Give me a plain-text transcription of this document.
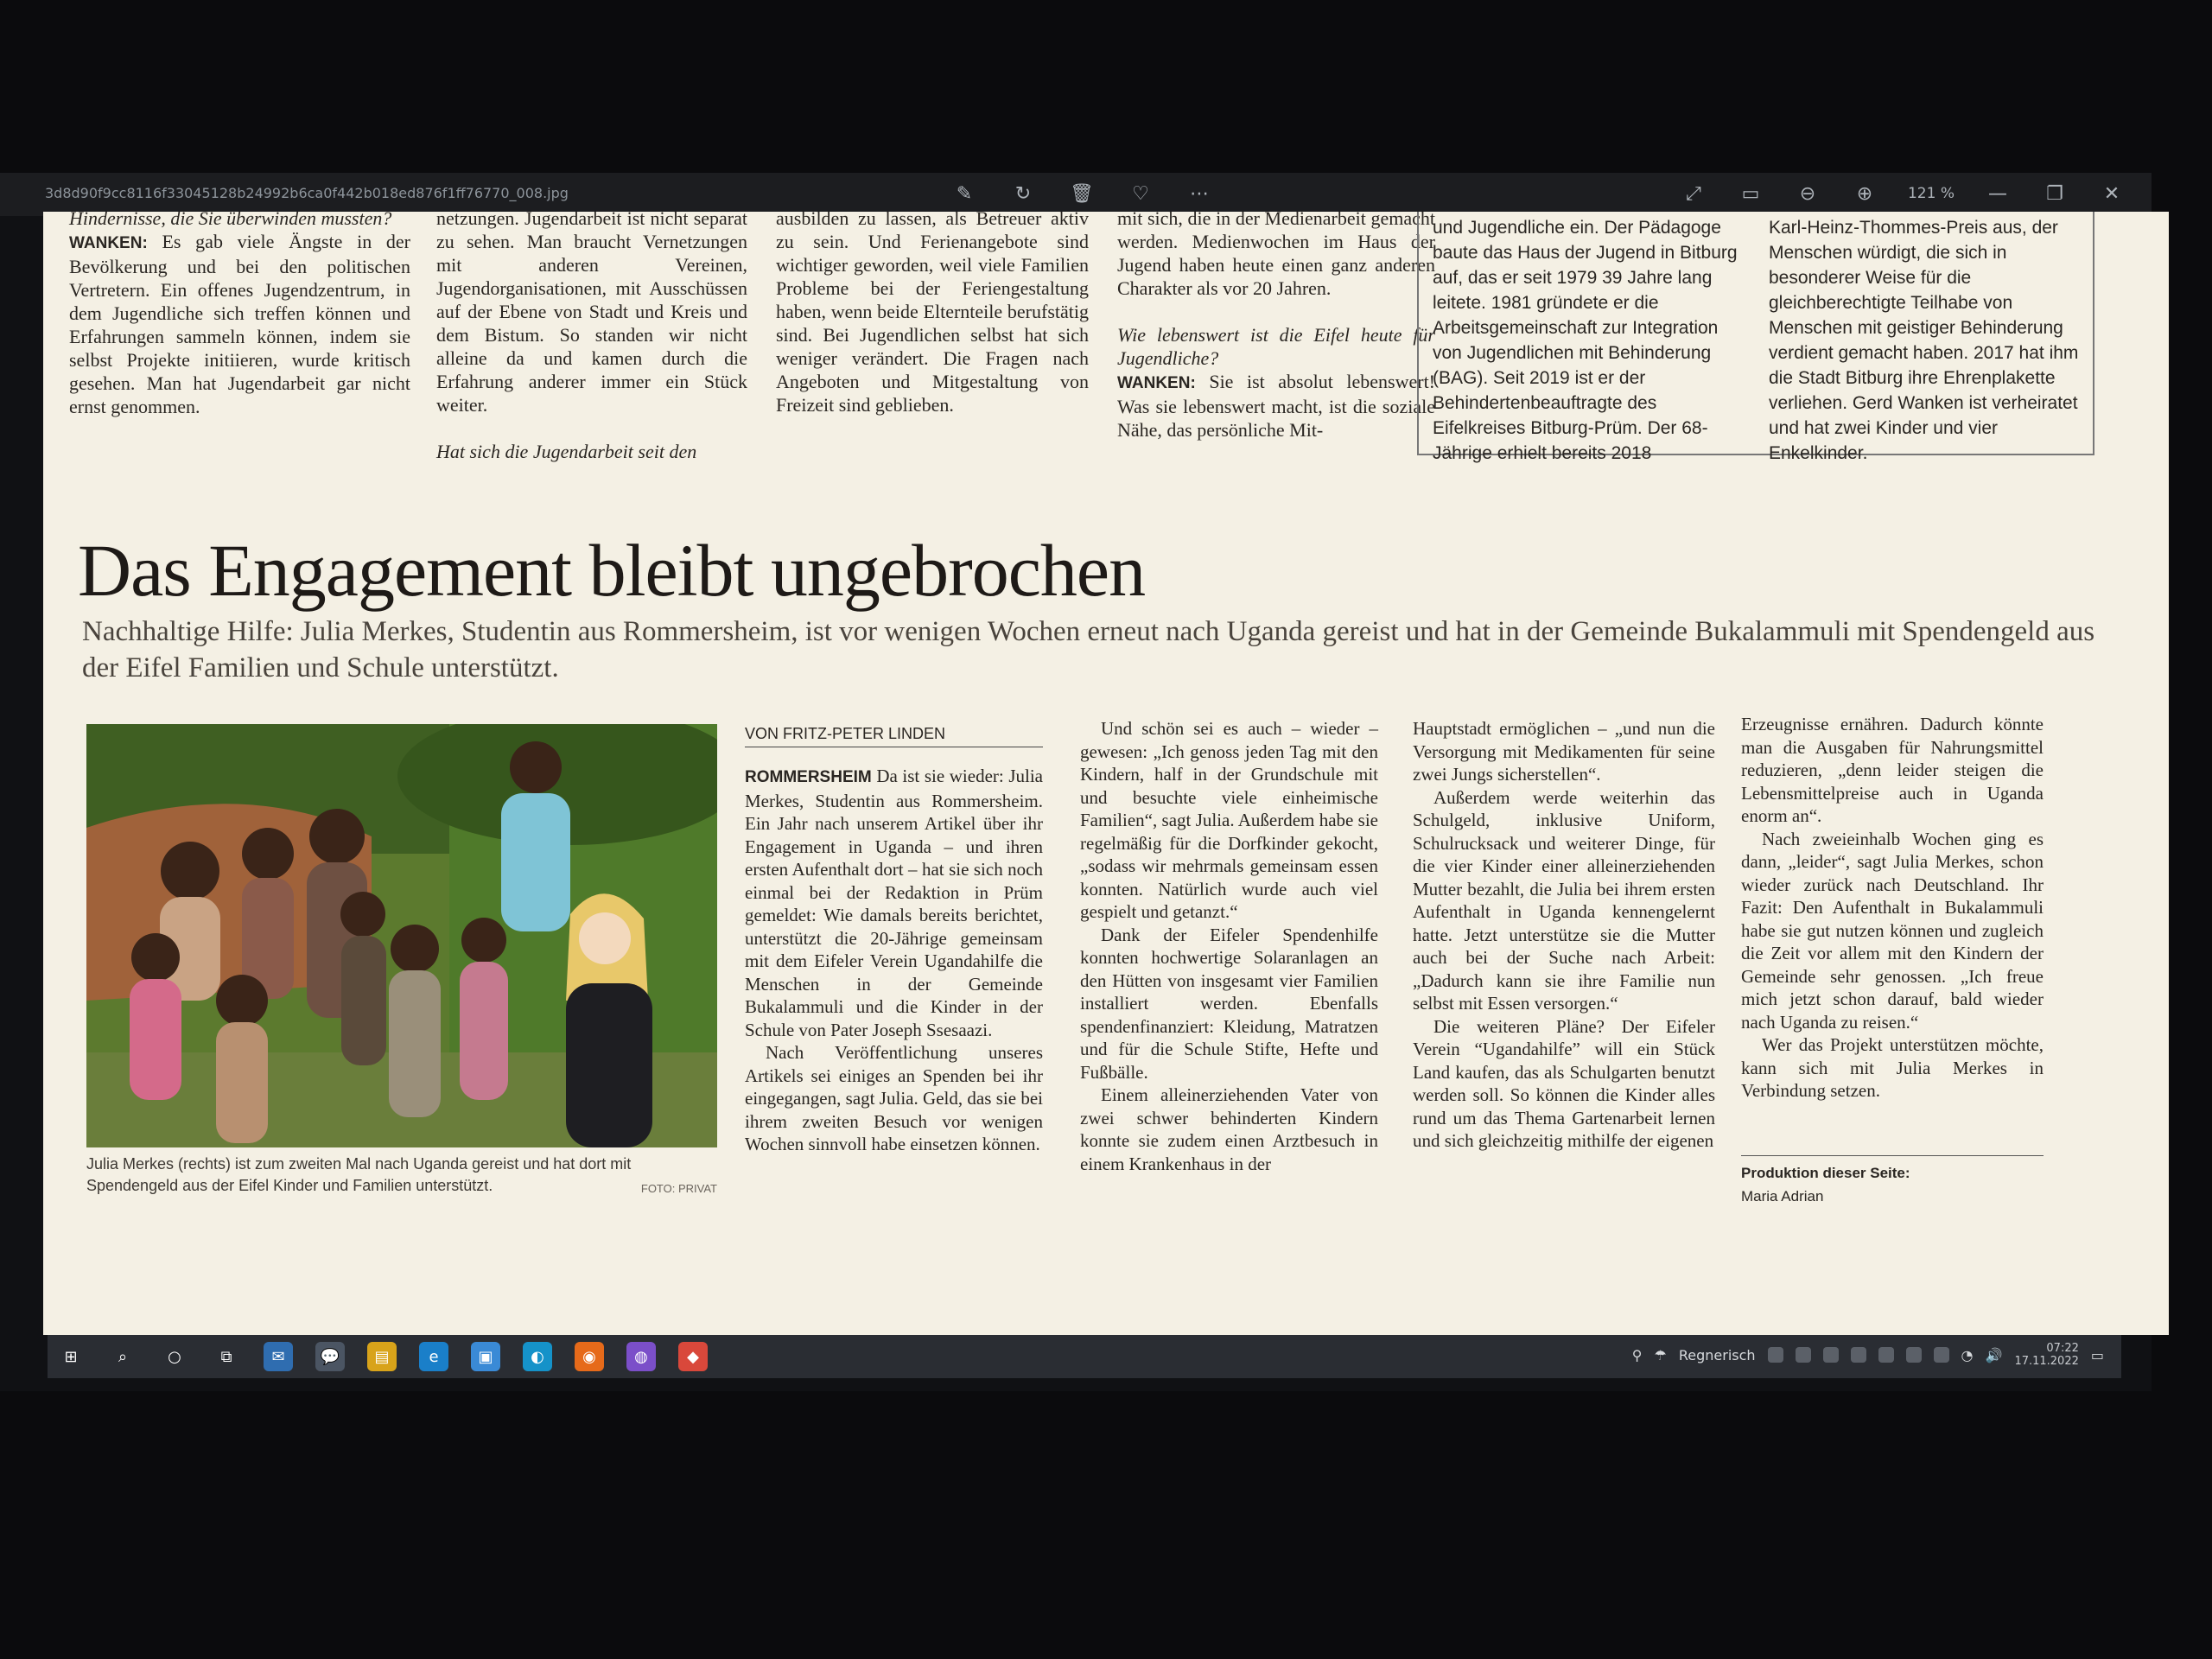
3d8d90f9cc8116f33045128b24992b6ca0f442b018ed876f1ff76770_008.jpg	✎	↻	🗑 ♡ ⋯	⤢	▭	⊖	⊕	121 % — ❐	✕

Hindernisse, die Sie überwinden mussten?

WANKEN: Es gab viele Ängste in der Bevölkerung und bei den politischen Vertretern. Ein offenes Jugendzentrum, in dem Jugendliche sich treffen können und Erfahrungen sammeln können, indem sie selbst Projekte initiieren, wurde kritisch gesehen. Man hat Jugendarbeit gar nicht ernst genommen.

netzungen. Jugendarbeit ist nicht separat zu sehen. Man braucht Vernetzungen mit anderen Vereinen, Jugendorganisationen, mit Ausschüssen auf der Ebene von Stadt und Kreis und dem Bistum. So standen wir nicht alleine da und kamen durch die Erfahrung anderer immer ein Stück weiter.

Hat sich die Jugendarbeit seit den

ausbilden zu lassen, als Betreuer aktiv zu sein. Und Ferienangebote sind wichtiger geworden, weil viele Familien Probleme bei der Feriengestaltung haben, wenn beide Elternteile berufstätig sind. Bei Jugendlichen selbst hat sich weniger verändert. Die Fragen nach Angeboten und Mitgestaltung von Freizeit sind geblieben.

mit sich, die in der Medienarbeit gemacht werden. Medienwochen im Haus der Jugend haben heute einen ganz anderen Charakter als vor 20 Jahren.

Wie lebenswert ist die Eifel heute für Jugendliche?

WANKEN: Sie ist absolut lebenswert! Was sie lebenswert macht, ist die soziale Nähe, das persönliche Mit-

und Jugendliche ein. Der Pädagoge baute das Haus der Jugend in Bitburg auf, das er seit 1979 39 Jahre lang leitete. 1981 gründete er die Arbeitsgemeinschaft zur Integration von Jugendlichen mit Behinderung (BAG). Seit 2019 ist er der Behindertenbeauftragte des Eifelkreises Bitburg-Prüm. Der 68-Jährige erhielt bereits 2018
Karl-Heinz-Thommes-Preis aus, der Menschen würdigt, die sich in besonderer Weise für die gleichberechtigte Teilhabe von Menschen mit geistiger Behinderung verdient gemacht haben. 2017 hat ihm die Stadt Bitburg ihre Ehrenplakette verliehen. Gerd Wanken ist verheiratet und hat zwei Kinder und vier Enkelkinder.
Das Engagement bleibt ungebrochen
Nachhaltige Hilfe: Julia Merkes, Studentin aus Rommersheim, ist vor wenigen Wochen erneut nach Uganda gereist und hat in der Gemeinde Bukalammuli mit Spendengeld aus der Eifel Familien und Schule unterstützt.
Julia Merkes (rechts) ist zum zweiten Mal nach Uganda gereist und hat dort mit Spendengeld aus der Eifel Kinder und Familien unterstützt.	FOTO: PRIVAT
VON FRITZ-PETER LINDEN

ROMMERSHEIM Da ist sie wieder: Julia Merkes, Studentin aus Rommersheim. Ein Jahr nach unserem Artikel über ihr Engagement in Uganda – und ihren ersten Aufenthalt dort – hat sie sich noch einmal bei der Redaktion in Prüm gemeldet: Wie damals bereits berichtet, unterstützt die 20-Jährige gemeinsam mit dem Eifeler Verein Ugandahilfe die Menschen in der Gemeinde Bukalammuli und die Kinder in der Schule von Pater Joseph Ssesaazi.

Nach Veröffentlichung unseres Artikels sei einiges an Spenden bei ihr eingegangen, sagt Julia. Geld, das sie bei ihrem zweiten Besuch vor wenigen Wochen sinnvoll habe einsetzen können.

Und schön sei es auch – wieder – gewesen: „Ich genoss jeden Tag mit den Kindern, half in der Grundschule mit und besuchte viele einheimische Familien“, sagt Julia. Außerdem habe sie regelmäßig für die Dorfkinder gekocht, „sodass wir mehrmals gemeinsam essen konnten. Natürlich wurde auch viel gespielt und getanzt.“

Dank der Eifeler Spendenhilfe konnten hochwertige Solaranlagen an den Hütten von insgesamt vier Familien installiert werden. Ebenfalls spendenfinanziert: Kleidung, Matratzen und für die Schule Stifte, Hefte und Fußbälle.

Einem alleinerziehenden Vater von zwei schwer behinderten Kindern konnte sie zudem einen Arztbesuch in einem Krankenhaus in der

Hauptstadt ermöglichen – „und nun die Versorgung mit Medikamenten für seine zwei Jungs sicherstellen“.

Außerdem werde weiterhin das Schulgeld, inklusive Uniform, Schulrucksack und weiterer Dinge, für die vier Kinder einer alleinerziehenden Mutter bezahlt, die Julia bei ihrem ersten Aufenthalt in Uganda kennengelernt hatte. Jetzt unterstütze sie die Mutter auch bei der Suche nach Arbeit: „Dadurch kann sie ihre Familie nun selbst mit Essen versorgen.“

Die weiteren Pläne? Der Eifeler Verein “Ugandahilfe” will ein Stück Land kaufen, das als Schulgarten benutzt werden soll. So können die Kinder alles rund um das Thema Gartenarbeit lernen und sich gleichzeitig mithilfe der eigenen

Erzeugnisse ernähren. Dadurch könnte man die Ausgaben für Nahrungsmittel reduzieren, „denn leider steigen die Lebensmittelpreise auch in Uganda enorm an“.

Nach zweieinhalb Wochen ging es dann, „leider“, sagt Julia Merkes, schon wieder zurück nach Deutschland. Ihr Fazit: Den Aufenthalt in Bukalammuli habe sie gut nutzen können und zugleich die Zeit vor allem mit den Kindern der Gemeinde sehr genossen. „Ich freue mich jetzt schon darauf, bald wieder nach Uganda zu reisen.“

Wer das Projekt unterstützen möchte, kann sich mit Julia Merkes in Verbindung setzen.

Produktion dieser Seite:
Maria Adrian
⊞	⌕	○	⧉	✉	💬	▤	e	▣	◐	◉	◍	◆	⚲ ☂ Regnerisch	◔ 🔊	07:22
17.11.2022 ▭
